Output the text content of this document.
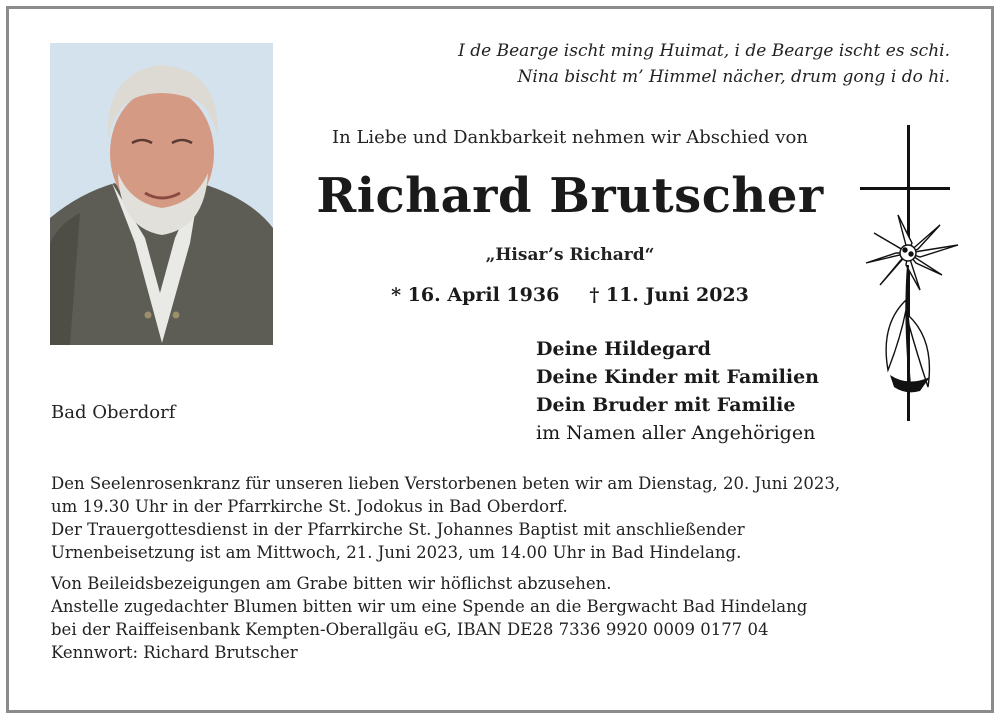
I de Bearge ischt ming Huimat, i de Bearge ischt es schi.
Nina bischt m’ Himmel nächer, drum gong i do hi.
In Liebe und Dankbarkeit nehmen wir Abschied von
Richard Brutscher
„Hisar’s Richard“
* 16. April 1936 † 11. Juni 2023
Deine Hildegard
Deine Kinder mit Familien
Dein Bruder mit Familie
im Namen aller Angehörigen
Bad Oberdorf
Den Seelenrosenkranz für unseren lieben Verstorbenen beten wir am Dienstag, 20. Juni 2023,
um 19.30 Uhr in der Pfarrkirche St. Jodokus in Bad Oberdorf.
Der Trauergottesdienst in der Pfarrkirche St. Johannes Baptist mit anschließender
Urnenbeisetzung ist am Mittwoch, 21. Juni 2023, um 14.00 Uhr in Bad Hindelang.
Von Beileidsbezeigungen am Grabe bitten wir höflichst abzusehen.
Anstelle zugedachter Blumen bitten wir um eine Spende an die Bergwacht Bad Hindelang
bei der Raiffeisenbank Kempten-Oberallgäu eG, IBAN DE28 7336 9920 0009 0177 04
Kennwort: Richard Brutscher
